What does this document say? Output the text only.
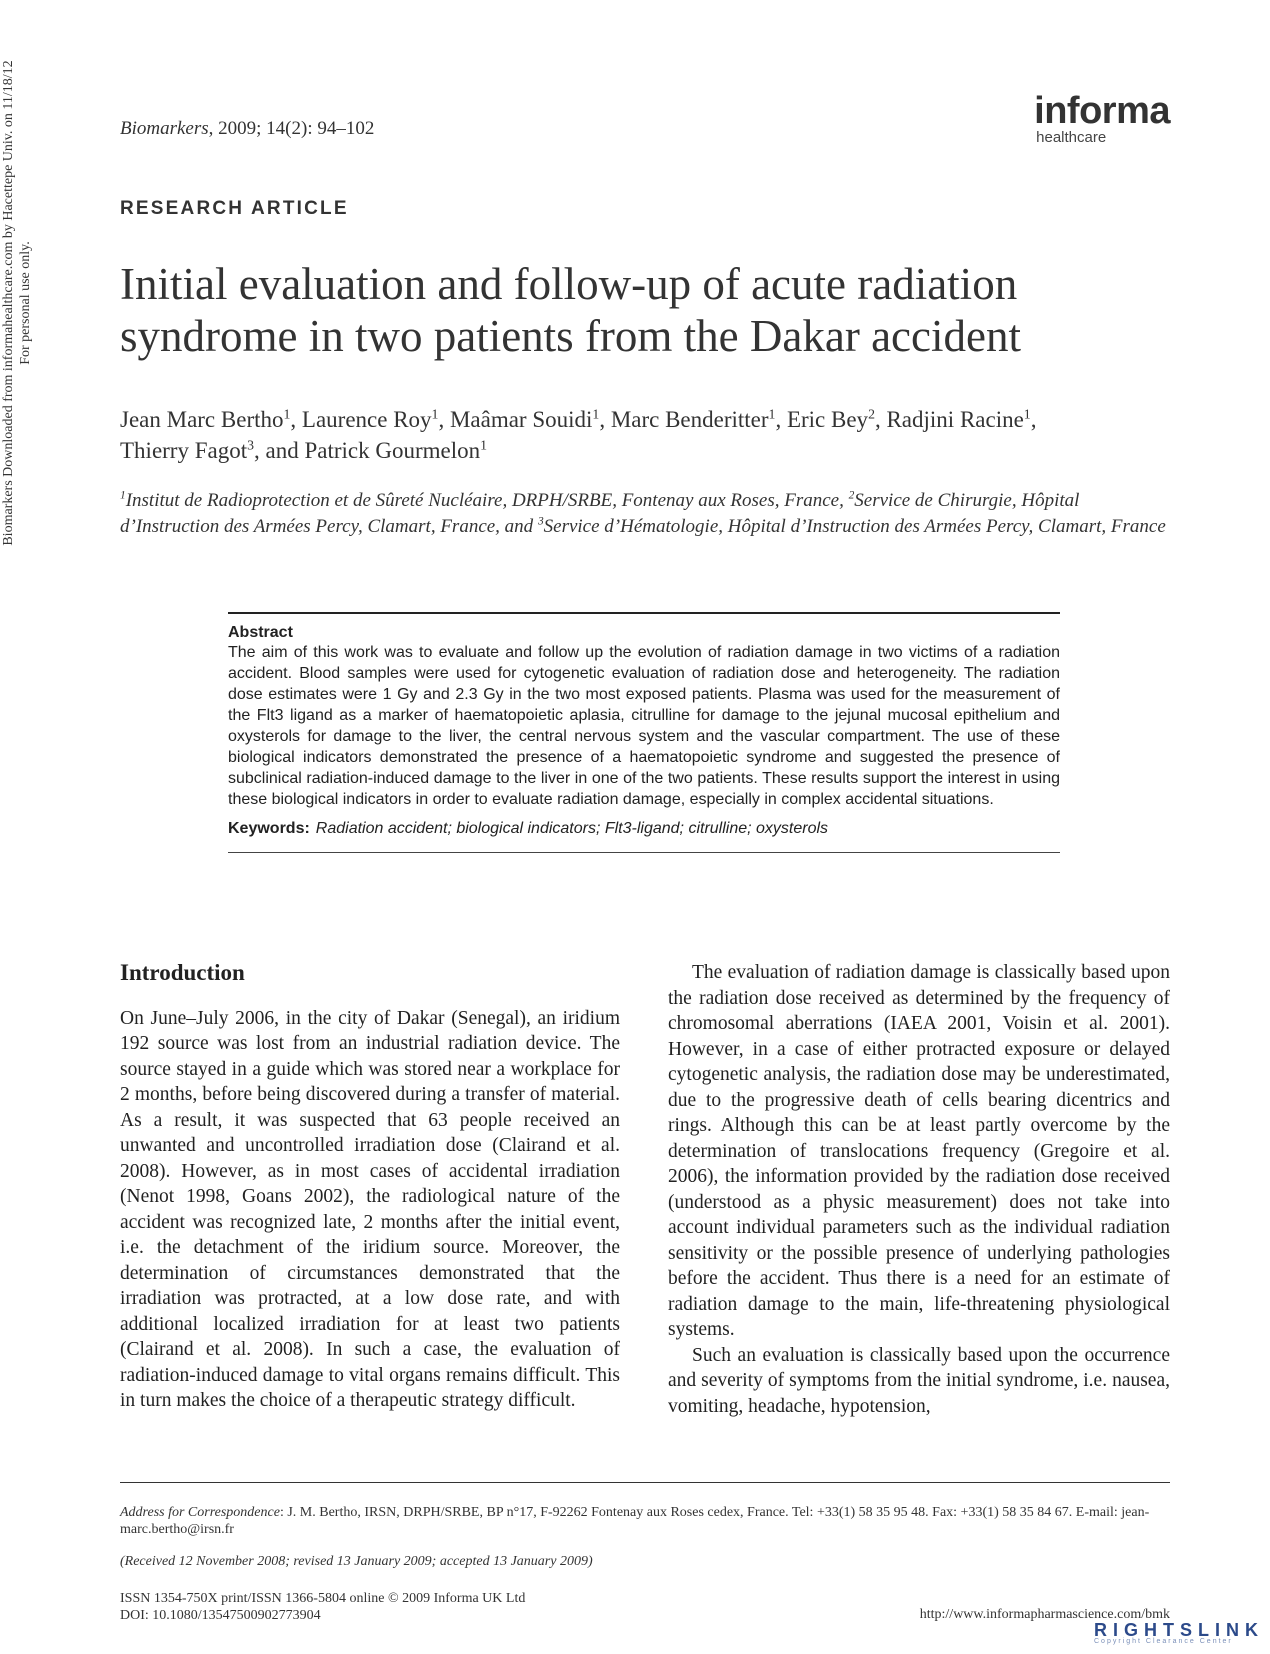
Biomarkers Downloaded from informahealthcare.com by Hacettepe Univ. on 11/18/12 For personal use only.
Biomarkers, 2009; 14(2): 94–102	informa
healthcare
RESEARCH ARTICLE
Initial evaluation and follow-up of acute radiation
syndrome in two patients from the Dakar accident
Jean Marc Bertho$^1$, Laurence Roy$^1$, Maâmar Souidi$^1$, Marc Benderitter$^1$, Eric Bey$^2$, Radjini Racine$^1$,
Thierry Fagot$^3$, and Patrick Gourmelon$^1$
$^1$Institut de Radioprotection et de Sûreté Nucléaire, DRPH/SRBE, Fontenay aux Roses, France, $^2$Service de Chirurgie, Hôpital d’Instruction des Armées Percy, Clamart, France, and $^3$Service d’Hématologie, Hôpital d’Instruction des Armées Percy, Clamart, France
Abstract
The aim of this work was to evaluate and follow up the evolution of radiation damage in two victims of a radiation accident. Blood samples were used for cytogenetic evaluation of radiation dose and heterogeneity. The radiation dose estimates were 1 Gy and 2.3 Gy in the two most exposed patients. Plasma was used for the measurement of the Flt3 ligand as a marker of haematopoietic aplasia, citrulline for damage to the jejunal mucosal epithelium and oxysterols for damage to the liver, the central nervous system and the vascular compartment. The use of these biological indicators demonstrated the presence of a haematopoietic syndrome and suggested the presence of subclinical radiation-induced damage to the liver in one of the two patients. These results support the interest in using these biological indicators in order to evaluate radiation damage, especially in complex accidental situations.
Keywords: Radiation accident; biological indicators; Flt3-ligand; citrulline; oxysterols
Introduction

On June–July 2006, in the city of Dakar (Senegal), an iridium 192 source was lost from an industrial radiation device. The source stayed in a guide which was stored near a workplace for 2 months, before being discovered during a transfer of material. As a result, it was suspected that 63 people received an unwanted and uncontrolled irradiation dose (Clairand et al. 2008). However, as in most cases of accidental irradiation (Nenot 1998, Goans 2002), the radiological nature of the accident was recognized late, 2 months after the initial event, i.e. the detachment of the iridium source. Moreover, the determination of circumstances demonstrated that the irradiation was protracted, at a low dose rate, and with additional localized irradiation for at least two patients (Clairand et al. 2008). In such a case, the evaluation of radiation-induced damage to vital organs remains difficult. This in turn makes the choice of a therapeutic strategy difficult.

The evaluation of radiation damage is classically based upon the radiation dose received as determined by the frequency of chromosomal aberrations (IAEA 2001, Voisin et al. 2001). However, in a case of either protracted exposure or delayed cytogenetic analysis, the radiation dose may be underestimated, due to the progressive death of cells bearing dicentrics and rings. Although this can be at least partly overcome by the determination of translocations frequency (Gregoire et al. 2006), the information provided by the radiation dose received (understood as a physic measurement) does not take into account individual parameters such as the individual radiation sensitivity or the possible presence of underlying pathologies before the accident. Thus there is a need for an estimate of radiation damage to the main, life-threatening physiological systems.

Such an evaluation is classically based upon the occurrence and severity of symptoms from the initial syndrome, i.e. nausea, vomiting, headache, hypotension,

Address for Correspondence: J. M. Bertho, IRSN, DRPH/SRBE, BP n°17, F-92262 Fontenay aux Roses cedex, France. Tel: +33(1) 58 35 95 48. Fax: +33(1) 58 35 84 67. E-mail: jean-marc.bertho@irsn.fr
(Received 12 November 2008; revised 13 January 2009; accepted 13 January 2009)
ISSN 1354-750X print/ISSN 1366-5804 online © 2009 Informa UK Ltd
DOI: 10.1080/13547500902773904	http://www.informapharmascience.com/bmk
RIGHTSLINK
Copyright Clearance Center
